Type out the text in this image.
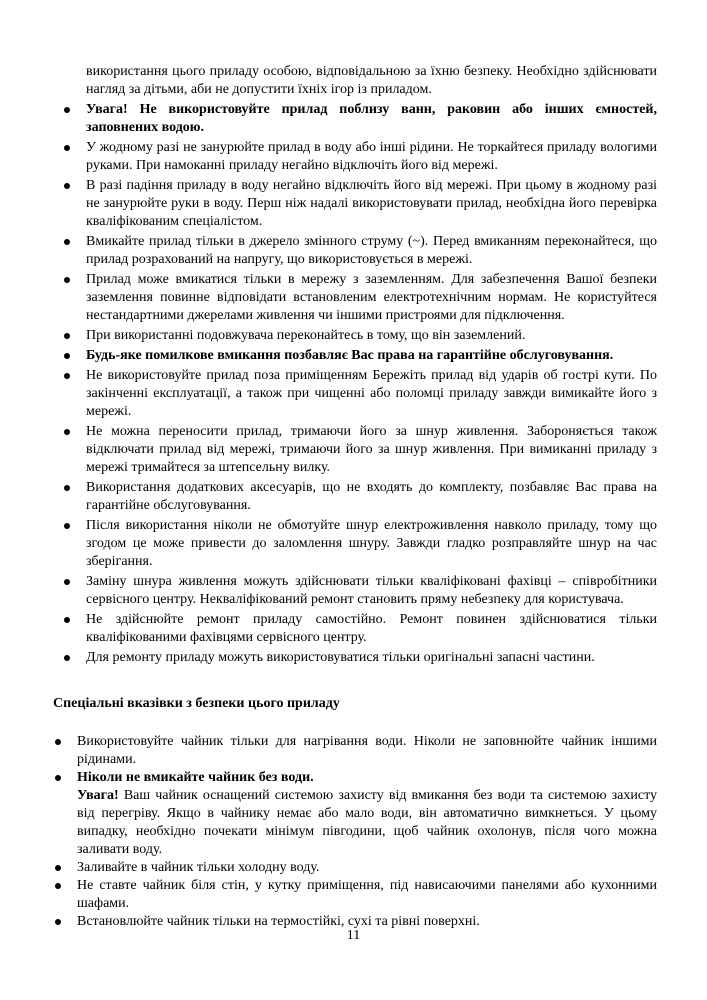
використання цього приладу особою, відповідальною за їхню безпеку. Необхідно здійснювати нагляд за дітьми, аби не допустити їхніх ігор із приладом.

Увага! Не використовуйте прилад поблизу ванн, раковин або інших ємностей, заповнених водою.
У жодному разі не занурюйте прилад в воду або інші рідини. Не торкайтеся приладу вологими руками. При намоканні приладу негайно відключіть його від мережі.
В разі падіння приладу в воду негайно відключіть його від мережі. При цьому в жодному разі не занурюйте руки в воду. Перш ніж надалі використовувати прилад, необхідна його перевірка кваліфікованим спеціалістом.
Вмикайте прилад тільки в джерело змінного струму (~). Перед вмиканням переконайтеся, що прилад розрахований на напругу, що використовується в мережі.
Прилад може вмикатися тільки в мережу з заземленням. Для забезпечення Вашої безпеки заземлення повинне відповідати встановленим електротехнічним нормам. Не користуйтеся нестандартними джерелами живлення чи іншими пристроями для підключення.
При використанні подовжувача переконайтесь в тому, що він заземлений.
Будь-яке помилкове вмикання позбавляє Вас права на гарантійне обслуговування.
Не використовуйте прилад поза приміщенням Бережіть прилад від ударів об гострі кути. По закінченні експлуатації, а також при чищенні або поломці приладу завжди вимикайте його з мережі.
Не можна переносити прилад, тримаючи його за шнур живлення. Забороняється також відключати прилад від мережі, тримаючи його за шнур живлення. При вимиканні приладу з мережі тримайтеся за штепсельну вилку.
Використання додаткових аксесуарів, що не входять до комплекту, позбавляє Вас права на гарантійне обслуговування.
Після використання ніколи не обмотуйте шнур електроживлення навколо приладу, тому що згодом це може привести до заломлення шнуру. Завжди гладко розправляйте шнур на час зберігання.
Заміну шнура живлення можуть здійснювати тільки кваліфіковані фахівці – співробітники сервісного центру. Некваліфікований ремонт становить пряму небезпеку для користувача.
Не здійснюйте ремонт приладу самостійно. Ремонт повинен здійснюватися тільки кваліфікованими фахівцями сервісного центру.
Для ремонту приладу можуть використовуватися тільки оригінальні запасні частини.
Спеціальні вказівки з безпеки цього приладу
Використовуйте чайник тільки для нагрівання води. Ніколи не заповнюйте чайник іншими рідинами.
Ніколи не вмикайте чайник без води.
Увага! Ваш чайник оснащений системою захисту від вмикання без води та системою захисту від перегріву. Якщо в чайнику немає або мало води, він автоматично вимкнеться. У цьому випадку, необхідно почекати мінімум півгодини, щоб чайник охолонув, після чого можна заливати воду.
Заливайте в чайник тільки холодну воду.
Не ставте чайник біля стін, у кутку приміщення, під нависаючими панелями або кухонними шафами.
Встановлюйте чайник тільки на термостійкі, сухі та рівні поверхні.
11
